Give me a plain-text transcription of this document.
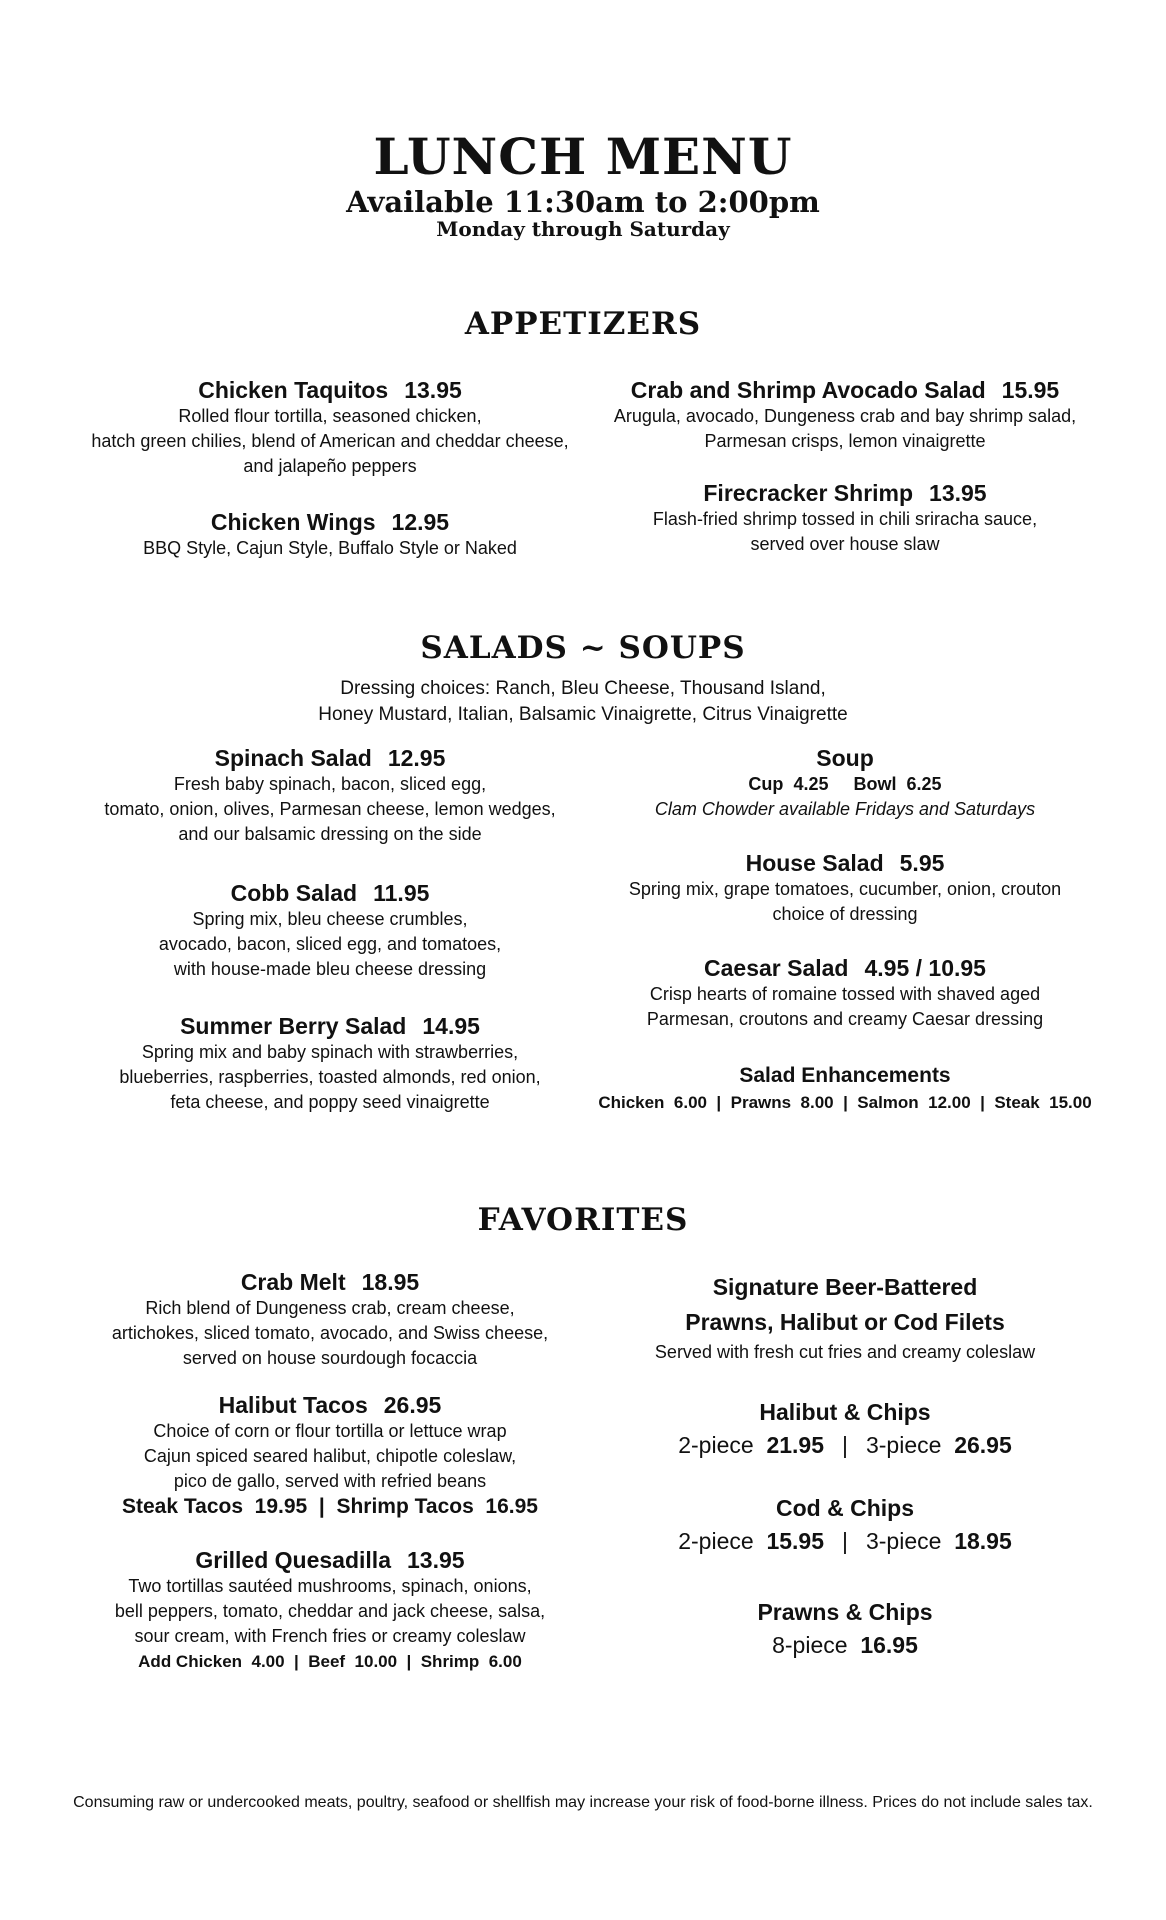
LUNCH MENU
Available 11:30am to 2:00pm
Monday through Saturday
APPETIZERS
Chicken Taquitos 13.95

Rolled flour tortilla, seasoned chicken,

hatch green chilies, blend of American and cheddar cheese,

and jalapeño peppers

Chicken Wings 12.95

BBQ Style, Cajun Style, Buffalo Style or Naked

Crab and Shrimp Avocado Salad 15.95

Arugula, avocado, Dungeness crab and bay shrimp salad,

Parmesan crisps, lemon vinaigrette

Firecracker Shrimp 13.95

Flash-fried shrimp tossed in chili sriracha sauce,

served over house slaw

SALADS ~ SOUPS
Dressing choices: Ranch, Bleu Cheese, Thousand Island,
Honey Mustard, Italian, Balsamic Vinaigrette, Citrus Vinaigrette
Spinach Salad 12.95

Fresh baby spinach, bacon, sliced egg,

tomato, onion, olives, Parmesan cheese, lemon wedges,

and our balsamic dressing on the side

Cobb Salad 11.95

Spring mix, bleu cheese crumbles,

avocado, bacon, sliced egg, and tomatoes,

with house-made bleu cheese dressing

Summer Berry Salad 14.95

Spring mix and baby spinach with strawberries,

blueberries, raspberries, toasted almonds, red onion,

feta cheese, and poppy seed vinaigrette

Soup
Cup 4.25 Bowl 6.25
Clam Chowder available Fridays and Saturdays
House Salad 5.95

Spring mix, grape tomatoes, cucumber, onion, crouton

choice of dressing

Caesar Salad 4.95 / 10.95

Crisp hearts of romaine tossed with shaved aged

Parmesan, croutons and creamy Caesar dressing

Salad Enhancements
Chicken  6.00  |  Prawns  8.00  |  Salmon  12.00  |  Steak  15.00
FAVORITES
Crab Melt 18.95

Rich blend of Dungeness crab, cream cheese,

artichokes, sliced tomato, avocado, and Swiss cheese,

served on house sourdough focaccia

Halibut Tacos 26.95

Choice of corn or flour tortilla or lettuce wrap

Cajun spiced seared halibut, chipotle coleslaw,

pico de gallo, served with refried beans

Steak Tacos  19.95  |  Shrimp Tacos  16.95
Grilled Quesadilla 13.95

Two tortillas sautéed mushrooms, spinach, onions,

bell peppers, tomato, cheddar and jack cheese, salsa,

sour cream, with French fries or creamy coleslaw

Add Chicken  4.00  |  Beef  10.00  |  Shrimp  6.00
Signature Beer-Battered
Prawns, Halibut or Cod Filets
Served with fresh cut fries and creamy coleslaw
Halibut & Chips
2-piece 21.95 | 3-piece 26.95
Cod & Chips
2-piece 15.95 | 3-piece 18.95
Prawns & Chips
8-piece 16.95
Consuming raw or undercooked meats, poultry, seafood or shellfish may increase your risk of food-borne illness. Prices do not include sales tax.
